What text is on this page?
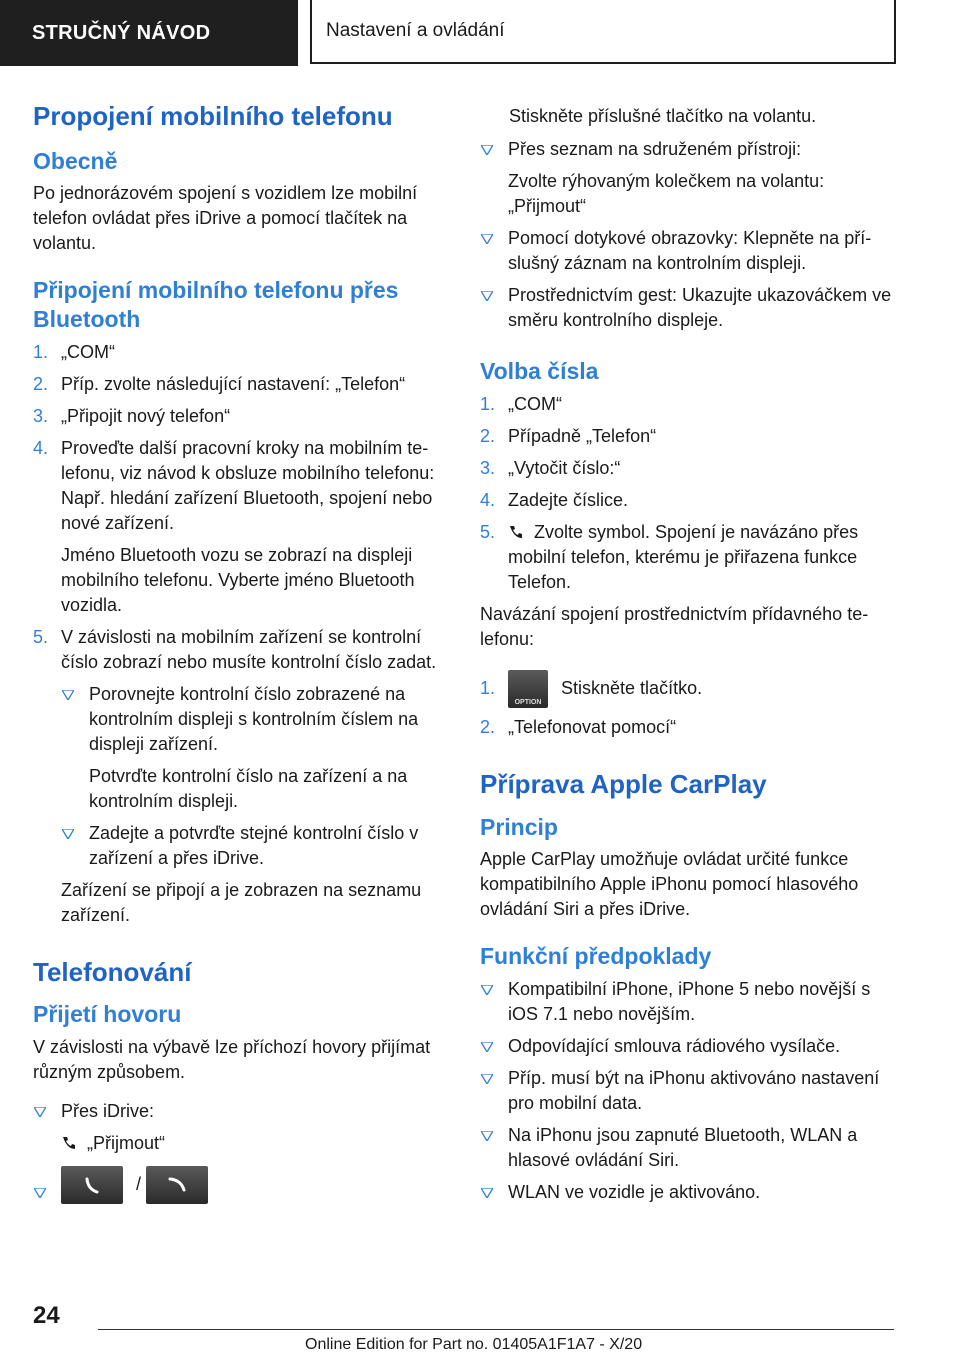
STRUČNÝ NÁVOD	Nastavení a ovládání
Propojení mobilního telefonu
Obecně

Po jednorázovém spojení s vozidlem lze mobilní telefon ovládat přes iDrive a pomocí tlačítek na volantu.

Připojení mobilního telefonu přes Bluetooth
1. „COM“
2. Příp. zvolte následující nastavení: „Telefon“
3. „Připojit nový telefon“
4. Proveďte další pracovní kroky na mobilním telefonu, viz návod k obsluze mobilního telefonu: Např. hledání zařízení Bluetooth, spojení nebo nové zařízení.
Jméno Bluetooth vozu se zobrazí na displeji mobilního telefonu. Vyberte jméno Bluetooth vozidla.
5. V závislosti na mobilním zařízení se kontrolní číslo zobrazí nebo musíte kontrolní číslo zadat.
Porovnejte kontrolní číslo zobrazené na kontrolním displeji s kontrolním číslem na displeji zařízení.
Potvrďte kontrolní číslo na zařízení a na kontrolním displeji.
Zadejte a potvrďte stejné kontrolní číslo v zařízení a přes iDrive.
Zařízení se připojí a je zobrazen na seznamu zařízení.
Telefonování
Přijetí hovoru

V závislosti na výbavě lze příchozí hovory přijímat různým způsobem.

Přes iDrive:
„Přijmout“
/
Stiskněte příslušné tlačítko na volantu.
Přes seznam na sdruženém přístroji:
Zvolte rýhovaným kolečkem na volantu: „Přijmout“
Pomocí dotykové obrazovky: Klepněte na příslušný záznam na kontrolním displeji.
Prostřednictvím gest: Ukazujte ukazováčkem ve směru kontrolního displeje.
Volba čísla
1. „COM“
2. Případně „Telefon“
3. „Vytočit číslo:“
4. Zadejte číslice.
5. Zvolte symbol. Spojení je navázáno přes mobilní telefon, kterému je přiřazena funkce Telefon.

Navázání spojení prostřednictvím přídavného telefonu:

1.
OPTION
Stiskněte tlačítko.
2. „Telefonovat pomocí“
Příprava Apple CarPlay
Princip

Apple CarPlay umožňuje ovládat určité funkce kompatibilního Apple iPhonu pomocí hlasového ovládání Siri a přes iDrive.

Funkční předpoklady
Kompatibilní iPhone, iPhone 5 nebo novější s iOS 7.1 nebo novějším.
Odpovídající smlouva rádiového vysílače.
Příp. musí být na iPhonu aktivováno nastavení pro mobilní data.
Na iPhonu jsou zapnuté Bluetooth, WLAN a hlasové ovládání Siri.
WLAN ve vozidle je aktivováno.
24
Online Edition for Part no. 01405A1F1A7 - X/20
